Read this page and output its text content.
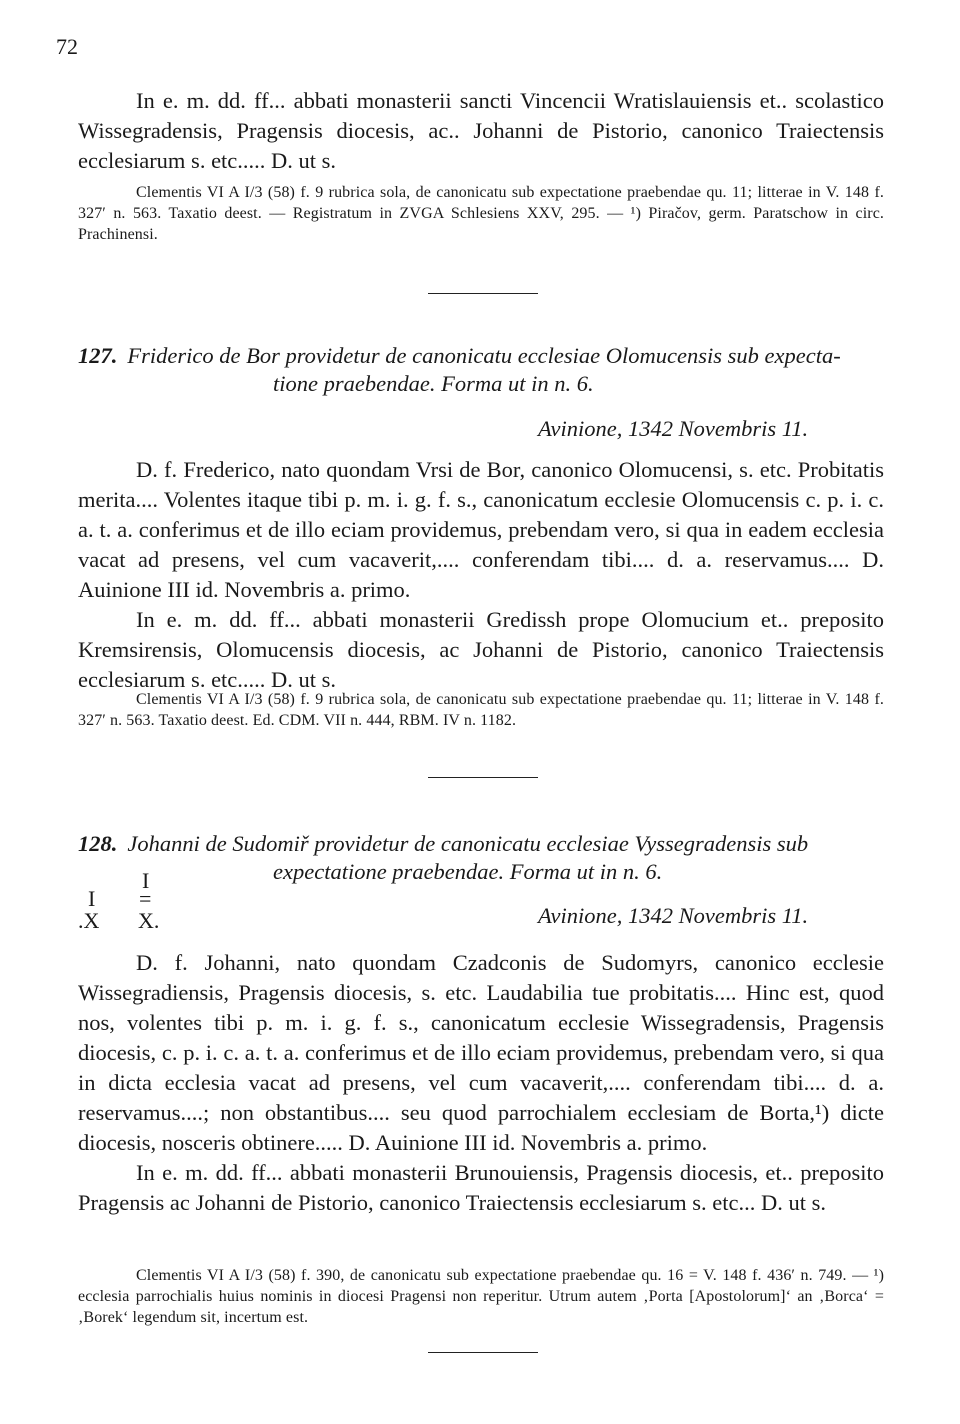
72

In e. m. dd. ff... abbati monasterii sancti Vincencii Wratislauiensis et.. scolastico Wissegradensis, Pragensis diocesis, ac.. Johanni de Pistorio, canonico Traiectensis ecclesiarum s. etc..... D. ut s.

Clementis VI A I/3 (58) f. 9 rubrica sola, de canonicatu sub expectatione praebendae qu. 11; litterae in V. 148 f. 327′ n. 563. Taxatio deest. — Registratum in ZVGA Schlesiens XXV, 295. — ¹) Piračov, germ. Paratschow in circ. Prachinensi.

127. Friderico de Bor providetur de canonicatu ecclesiae Olomucensis sub expecta-
tione praebendae. Forma ut in n. 6.
Avinione, 1342 Novembris 11.

D. f. Frederico, nato quondam Vrsi de Bor, canonico Olomucensi, s. etc. Probitatis merita.... Volentes itaque tibi p. m. i. g. f. s., canonicatum ecclesie Olomucensis c. p. i. c. a. t. a. conferimus et de illo eciam providemus, prebendam vero, si qua in eadem ecclesia vacat ad presens, vel cum vacaverit,.... conferendam tibi.... d. a. reservamus.... D. Auinione III id. Novembris a. primo.

In e. m. dd. ff... abbati monasterii Gredissh prope Olomucium et.. preposito Kremsirensis, Olomucensis diocesis, ac Johanni de Pistorio, canonico Traiectensis ecclesiarum s. etc..... D. ut s.

Clementis VI A I/3 (58) f. 9 rubrica sola, de canonicatu sub expectatione praebendae qu. 11; litterae in V. 148 f. 327′ n. 563. Taxatio deest. Ed. CDM. VII n. 444, RBM. IV n. 1182.

128. Johanni de Sudomiř providetur de canonicatu ecclesiae Vyssegradensis sub
expectatione praebendae. Forma ut in n. 6.
I
.X
I
=
X.	Avinione, 1342 Novembris 11.

D. f. Johanni, nato quondam Czadconis de Sudomyrs, canonico ecclesie Wissegradiensis, Pragensis diocesis, s. etc. Laudabilia tue probitatis.... Hinc est, quod nos, volentes tibi p. m. i. g. f. s., canonicatum ecclesie Wissegradensis, Pragensis diocesis, c. p. i. c. a. t. a. conferimus et de illo eciam providemus, prebendam vero, si qua in dicta ecclesia vacat ad presens, vel cum vacaverit,.... conferendam tibi.... d. a. reservamus....; non obstantibus.... seu quod parrochialem ecclesiam de Borta,¹) dicte diocesis, nosceris obtinere..... D. Auinione III id. Novembris a. primo.

In e. m. dd. ff... abbati monasterii Brunouiensis, Pragensis diocesis, et.. preposito Pragensis ac Johanni de Pistorio, canonico Traiectensis ecclesiarum s. etc... D. ut s.

Clementis VI A I/3 (58) f. 390, de canonicatu sub expectatione praebendae qu. 16 = V. 148 f. 436′ n. 749. — ¹) ecclesia parrochialis huius nominis in diocesi Pragensi non reperitur. Utrum autem ‚Porta [Apostolorum]‘ an ‚Borca‘ = ‚Borek‘ legendum sit, incertum est.
